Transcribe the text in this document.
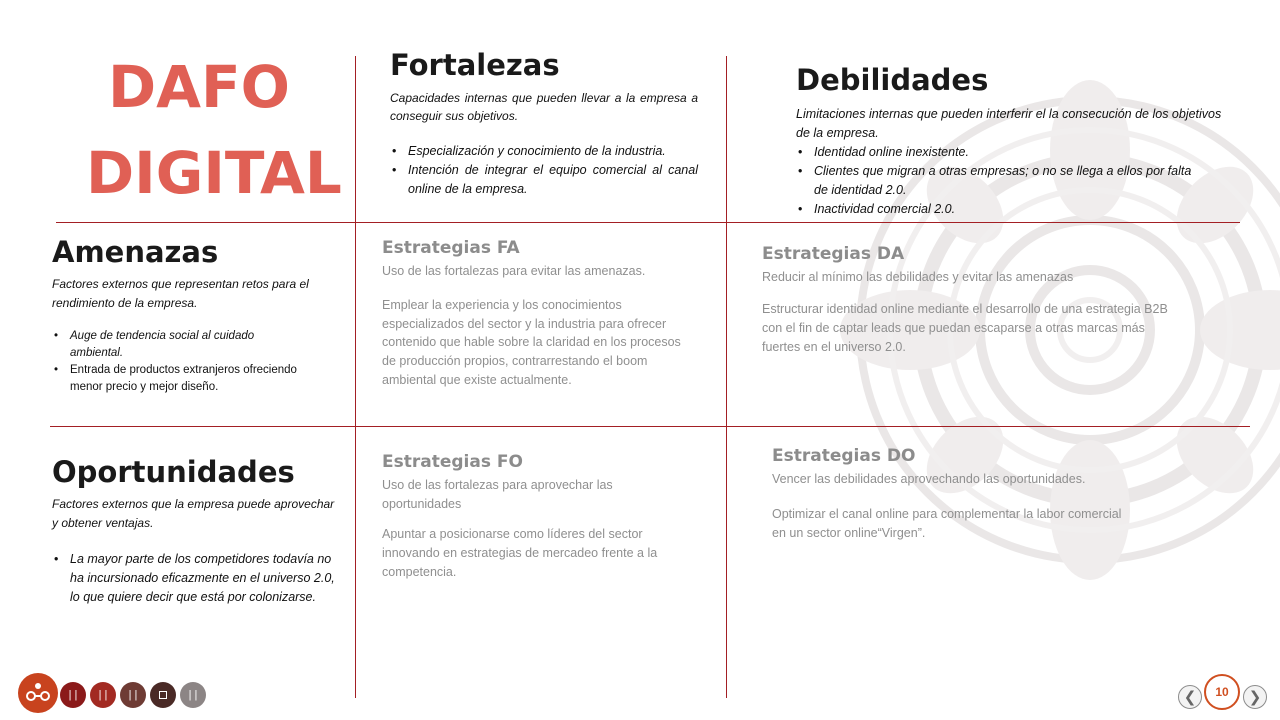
DAFO
DIGITAL
Fortalezas

Capacidades internas que pueden llevar a la empresa a conseguir sus objetivos.

• Especialización y conocimiento de la industria.
• Intención de integrar el equipo comercial al canal online de la empresa.
Debilidades

Limitaciones internas que pueden interferir el la consecución de los objetivos de la empresa.

• Identidad online inexistente.
• Clientes que migran a otras empresas; o no se llega a ellos por falta de identidad 2.0.
• Inactividad comercial 2.0.
Amenazas

Factores externos que representan retos para el rendimiento de la empresa.

• Auge de tendencia social al cuidado ambiental.
• Entrada de productos extranjeros ofreciendo menor precio y mejor diseño.
Oportunidades

Factores externos que la empresa puede aprovechar y obtener ventajas.

• La mayor parte de los competidores todavía no ha incursionado eficazmente en el universo 2.0, lo que quiere decir que está por colonizarse.
Estrategias FA

Uso de las fortalezas para evitar las amenazas.

Emplear la experiencia y los conocimientos especializados del sector y la industria para ofrecer contenido que hable sobre la claridad en los procesos de producción propios, contrarrestando el boom ambiental que existe actualmente.

Estrategias DA

Reducir al mínimo las debilidades y evitar las amenazas

Estructurar identidad online mediante el desarrollo de una estrategia B2B con el fin de captar leads que puedan escaparse a otras marcas más fuertes en el universo 2.0.

Estrategias FO

Uso de las fortalezas para aprovechar las oportunidades

Apuntar a posicionarse como líderes del sector innovando en estrategias de mercadeo frente a la competencia.

Estrategias DO

Vencer las debilidades aprovechando las oportunidades.

Optimizar el canal online para complementar la labor comercial en un sector online“Virgen”.

| |	| |	| |	| |	❮	10	❯
